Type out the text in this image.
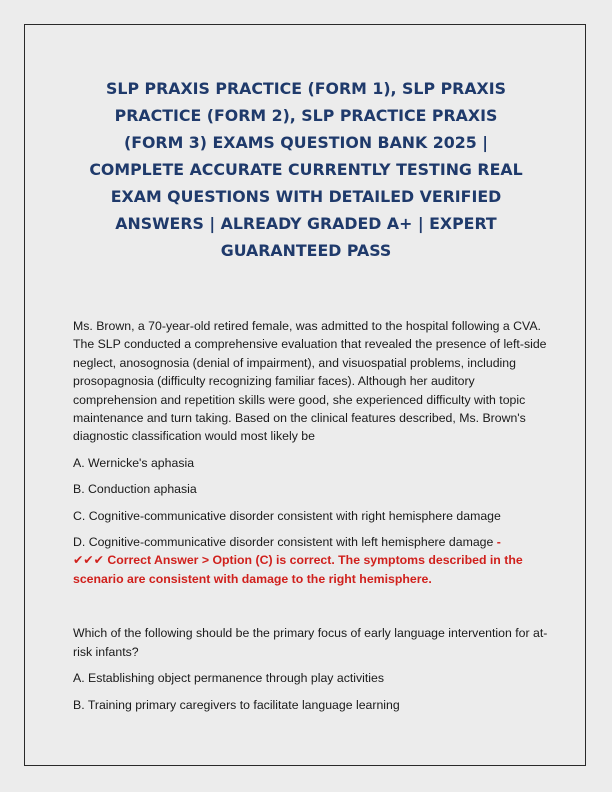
SLP PRAXIS PRACTICE (FORM 1), SLP PRAXIS PRACTICE (FORM 2), SLP PRACTICE PRAXIS (FORM 3) EXAMS QUESTION BANK 2025 | COMPLETE ACCURATE CURRENTLY TESTING REAL EXAM QUESTIONS WITH DETAILED VERIFIED ANSWERS | ALREADY GRADED A+ | EXPERT GUARANTEED PASS

Ms. Brown, a 70-year-old retired female, was admitted to the hospital following a CVA. The SLP conducted a comprehensive evaluation that revealed the presence of left-side neglect, anosognosia (denial of impairment), and visuospatial problems, including prosopagnosia (difficulty recognizing familiar faces). Although her auditory comprehension and repetition skills were good, she experienced difficulty with topic maintenance and turn taking. Based on the clinical features described, Ms. Brown's diagnostic classification would most likely be

A. Wernicke's aphasia

B. Conduction aphasia

C. Cognitive-communicative disorder consistent with right hemisphere damage

D. Cognitive-communicative disorder consistent with left hemisphere damage -
✔✔✔ Correct Answer > Option (C) is correct. The symptoms described in the scenario are consistent with damage to the right hemisphere.

Which of the following should be the primary focus of early language intervention for at-risk infants?

A. Establishing object permanence through play activities

B. Training primary caregivers to facilitate language learning
